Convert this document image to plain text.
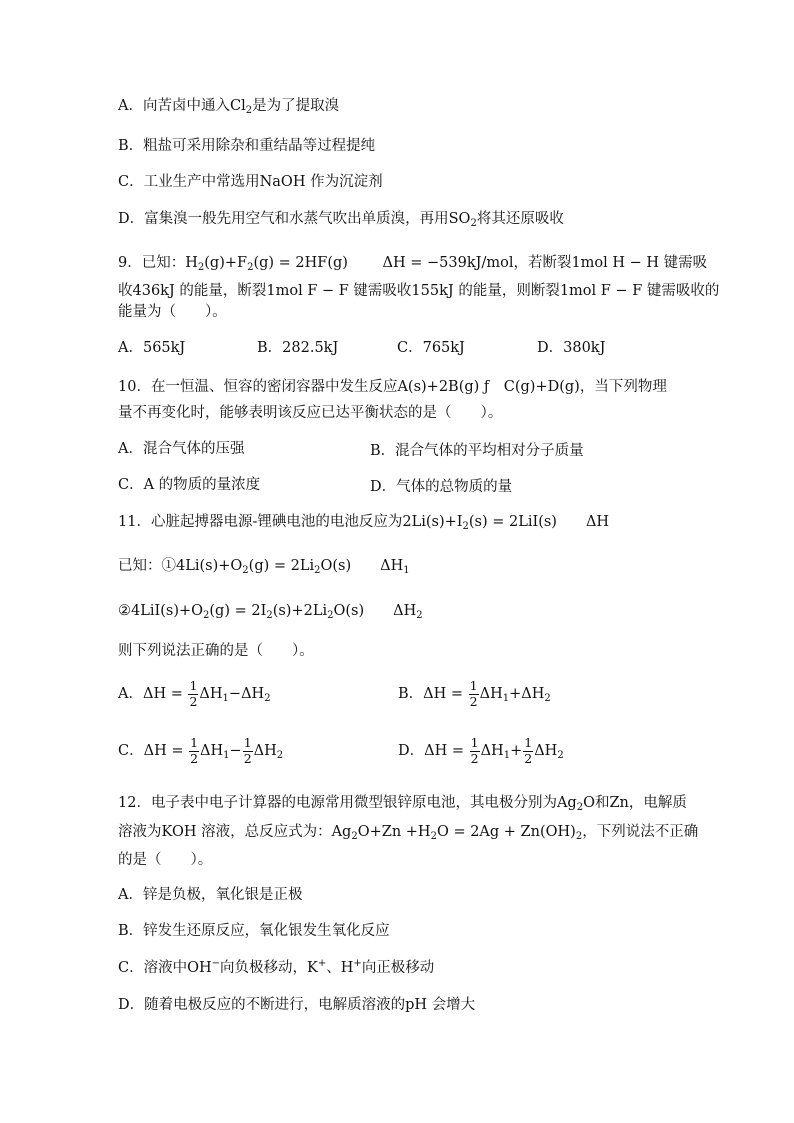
A．向苦卤中通入$Cl_2$是为了提取溴
B．粗盐可采用除杂和重结晶等过程提纯
C．工业生产中常选用NaOH 作为沉淀剂
D．富集溴一般先用空气和水蒸气吹出单质溴，再用$SO_2$将其还原吸收
9．已知：$H_2(g)+F_2(g) = 2HF(g) \Delta H = -539kJ/mol$，若断裂1mol H − H 键需吸
收436kJ 的能量，断裂1mol F − F 键需吸收155kJ 的能量，则断裂1mol F − F 键需吸收的
能量为（　　）。
A．565kJ	B．282.5kJ	C．765kJ	D．380kJ
10．在一恒温、恒容的密闭容器中发生反应A(s)+2B(g) ƒ　C(g)+D(g)，当下列物理
量不再变化时，能够表明该反应已达平衡状态的是（　　）。
A．混合气体的压强	B．混合气体的平均相对分子质量
C．A 的物质的量浓度	D．气体的总物质的量
11．心脏起搏器电源-锂碘电池的电池反应为$2Li(s)+I_2(s) = 2LiI(s)$　　ΔH
已知：$①4Li(s)+O_2(g) = 2Li_2O(s)$　　$\Delta H_1$
$②4LiI(s)+O_2(g) = 2I_2(s)+2Li_2O(s)$　　$\Delta H_2$
则下列说法正确的是（　　）。
A．$\Delta H = \frac{1}{2} \Delta H_1-\Delta H_2$	B．$\Delta H = \frac{1}{2} \Delta H_1+\Delta H_2$
C．$\Delta H = \frac{1}{2} \Delta H_1- \frac{1}{2} \Delta H_2$	D．$\Delta H = \frac{1}{2} \Delta H_1+ \frac{1}{2} \Delta H_2$
12．电子表中电子计算器的电源常用微型银锌原电池，其电极分别为$Ag_2O$和Zn，电解质
溶液为KOH 溶液，总反应式为：$Ag_2O+Zn +H_2O = 2Ag + Zn(OH)_2$，下列说法不正确
的是（　　）。
A．锌是负极，氧化银是正极
B．锌发生还原反应，氧化银发生氧化反应
C．溶液中OH−向负极移动，K+、H+向正极移动
D．随着电极反应的不断进行，电解质溶液的pH 会增大
